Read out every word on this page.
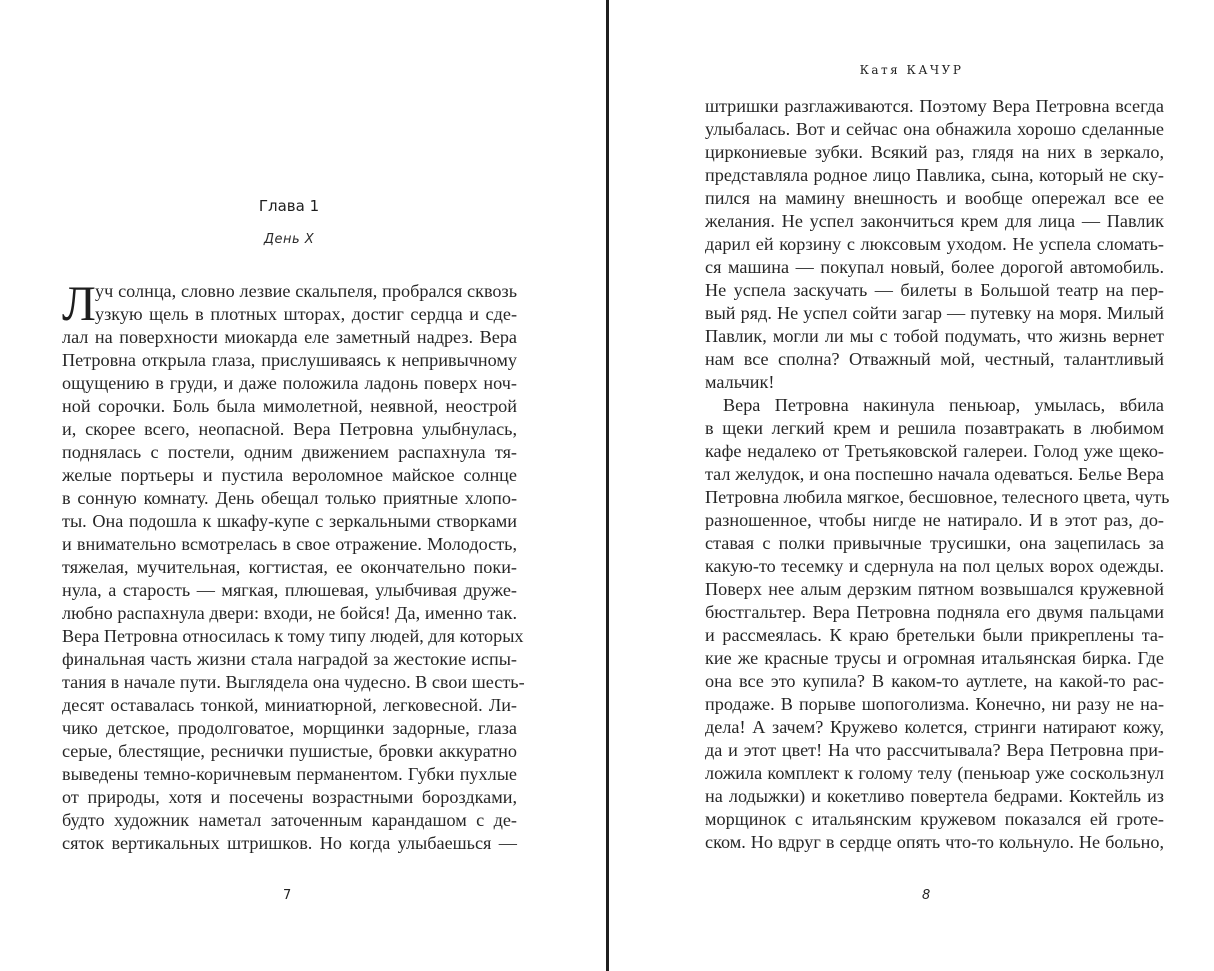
Глава 1
День X
Л уч солнца, словно лезвие скальпеля, пробрался сквозь
узкую щель в плотных шторах, достиг сердца и сде-
лал на поверхности миокарда еле заметный надрез. Вера
Петровна открыла глаза, прислушиваясь к непривычному
ощущению в груди, и даже положила ладонь поверх ноч-
ной сорочки. Боль была мимолетной, неявной, неострой
и, скорее всего, неопасной. Вера Петровна улыбнулась,
поднялась с постели, одним движением распахнула тя-
желые портьеры и пустила вероломное майское солнце
в сонную комнату. День обещал только приятные хлопо-
ты. Она подошла к шкафу-купе с зеркальными створками
и внимательно всмотрелась в свое отражение. Молодость,
тяжелая, мучительная, когтистая, ее окончательно поки-
нула, а старость — мягкая, плюшевая, улыбчивая друже-
любно распахнула двери: входи, не бойся! Да, именно так.
Вера Петровна относилась к тому типу людей, для которых
финальная часть жизни стала наградой за жестокие испы-
тания в начале пути. Выглядела она чудесно. В свои шесть-
десят оставалась тонкой, миниатюрной, легковесной. Ли-
чико детское, продолговатое, морщинки задорные, глаза
серые, блестящие, реснички пушистые, бровки аккуратно
выведены темно-коричневым перманентом. Губки пухлые
от природы, хотя и посечены возрастными бороздками,
будто художник наметал заточенным карандашом с де-
сяток вертикальных штришков. Но когда улыбаешься —
7
Катя КАЧУР
штришки разглаживаются. Поэтому Вера Петровна всегда
улыбалась. Вот и сейчас она обнажила хорошо сделанные
циркониевые зубки. Всякий раз, глядя на них в зеркало,
представляла родное лицо Павлика, сына, который не ску-
пился на мамину внешность и вообще опережал все ее
желания. Не успел закончиться крем для лица — Павлик
дарил ей корзину с люксовым уходом. Не успела сломать-
ся машина — покупал новый, более дорогой автомобиль.
Не успела заскучать — билеты в Большой театр на пер-
вый ряд. Не успел сойти загар — путевку на моря. Милый
Павлик, могли ли мы с тобой подумать, что жизнь вернет
нам все сполна? Отважный мой, честный, талантливый
мальчик!
Вера Петровна накинула пеньюар, умылась, вбила
в щеки легкий крем и решила позавтракать в любимом
кафе недалеко от Третьяковской галереи. Голод уже щеко-
тал желудок, и она поспешно начала одеваться. Белье Вера
Петровна любила мягкое, бесшовное, телесного цвета, чуть
разношенное, чтобы нигде не натирало. И в этот раз, до-
ставая с полки привычные трусишки, она зацепилась за
какую-то тесемку и сдернула на пол целых ворох одежды.
Поверх нее алым дерзким пятном возвышался кружевной
бюстгальтер. Вера Петровна подняла его двумя пальцами
и рассмеялась. К краю бретельки были прикреплены та-
кие же красные трусы и огромная итальянская бирка. Где
она все это купила? В каком-то аутлете, на какой-то рас-
продаже. В порыве шопоголизма. Конечно, ни разу не на-
дела! А зачем? Кружево колется, стринги натирают кожу,
да и этот цвет! На что рассчитывала? Вера Петровна при-
ложила комплект к голому телу (пеньюар уже соскользнул
на лодыжки) и кокетливо повертела бедрами. Коктейль из
морщинок с итальянским кружевом показался ей гроте-
ском. Но вдруг в сердце опять что-то кольнуло. Не больно,
8
